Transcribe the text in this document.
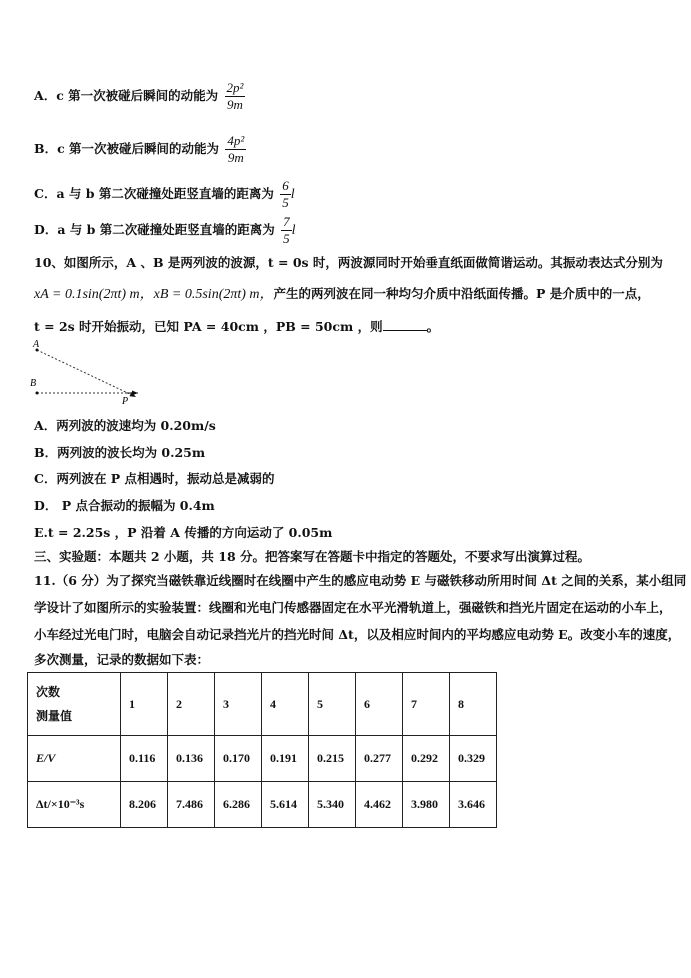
A．c 第一次被碰后瞬间的动能为 $\frac{\text{2p²}}{9m}$
B．c 第一次被碰后瞬间的动能为 $\frac{\text{4p²}}{9m}$
C．a 与 b 第二次碰撞处距竖直墙的距离为 $\frac{6}{5}$ l
D．a 与 b 第二次碰撞处距竖直墙的距离为 $\frac{7}{5}$ l
10、如图所示，A 、B 是两列波的波源，t = 0s 时，两波源同时开始垂直纸面做简谐运动。其振动表达式分别为
xA = 0.1sin(2πt) m，xB = 0.5sin(2πt) m，产生的两列波在同一种均匀介质中沿纸面传播。P 是介质中的一点，
t = 2s 时开始振动，已知 PA = 40cm ，PB = 50cm ，则	。
A
B
P
A．两列波的波速均为 0.20m/s
B．两列波的波长均为 0.25m
C．两列波在 P 点相遇时，振动总是减弱的
D． P 点合振动的振幅为 0.4m
E.t = 2.25s ，P 沿着 A 传播的方向运动了 0.05m
三、实验题：本题共 2 小题，共 18 分。把答案写在答题卡中指定的答题处，不要求写出演算过程。
11.（6 分）为了探究当磁铁靠近线圈时在线圈中产生的感应电动势 E 与磁铁移动所用时间 Δt 之间的关系，某小组同
学设计了如图所示的实验装置：线圈和光电门传感器固定在水平光滑轨道上，强磁铁和挡光片固定在运动的小车上，
小车经过光电门时，电脑会自动记录挡光片的挡光时间 Δt，以及相应时间内的平均感应电动势 E。改变小车的速度，
多次测量，记录的数据如下表：
次数
测量值	1	2	3	4	5	6	7	8
E/V	0.116	0.136	0.170	0.191	0.215	0.277	0.292	0.329
Δt/×10⁻³s	8.206	7.486	6.286	5.614	5.340	4.462	3.980	3.646
